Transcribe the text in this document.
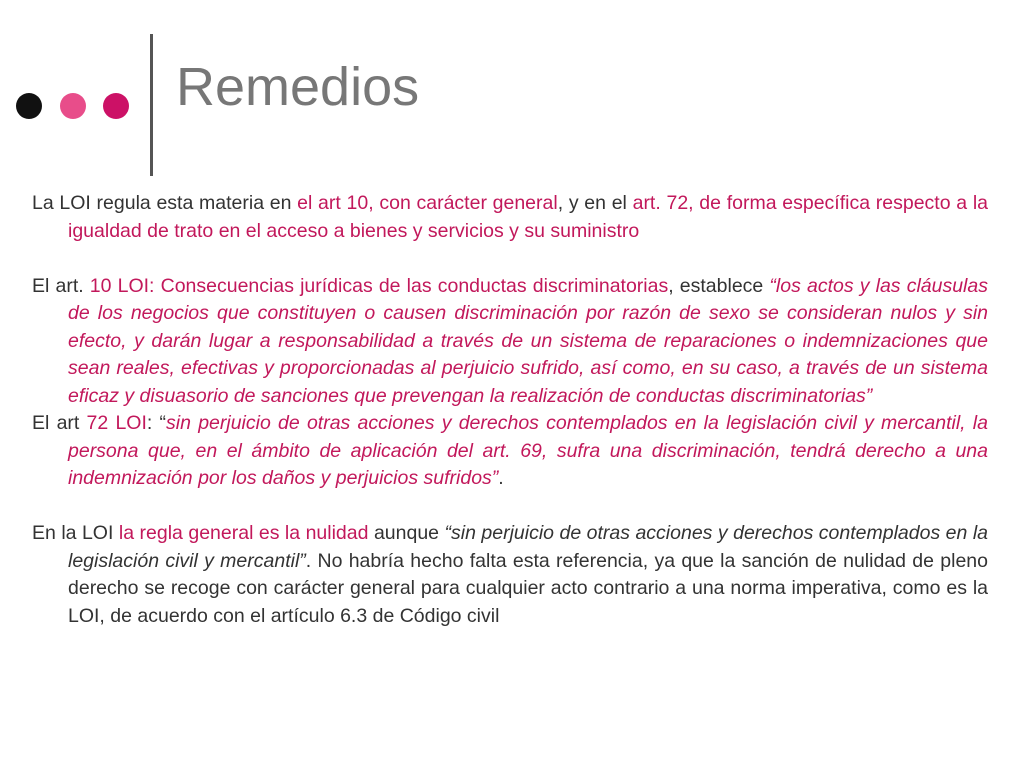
Remedios

La LOI regula esta materia en el art 10, con carácter general, y en el art. 72, de forma específica respecto a la igualdad de trato en el acceso a bienes y servicios y su suministro

El art. 10 LOI: Consecuencias jurídicas de las conductas discriminatorias, establece “los actos y las cláusulas de los negocios que constituyen o causen discriminación por razón de sexo se consideran nulos y sin efecto, y darán lugar a responsabilidad a través de un sistema de reparaciones o indemnizaciones que sean reales, efectivas y proporcionadas al perjuicio sufrido, así como, en su caso, a través de un sistema eficaz y disuasorio de sanciones que prevengan la realización de conductas discriminatorias”

El art 72 LOI: “sin perjuicio de otras acciones y derechos contemplados en la legislación civil y mercantil, la persona que, en el ámbito de aplicación del art. 69, sufra una discriminación, tendrá derecho a una indemnización por los daños y perjuicios sufridos”.

En la LOI la regla general es la nulidad aunque “sin perjuicio de otras acciones y derechos contemplados en la legislación civil y mercantil”. No habría hecho falta esta referencia, ya que la sanción de nulidad de pleno derecho se recoge con carácter general para cualquier acto contrario a una norma imperativa, como es la LOI, de acuerdo con el artículo 6.3 de Código civil
